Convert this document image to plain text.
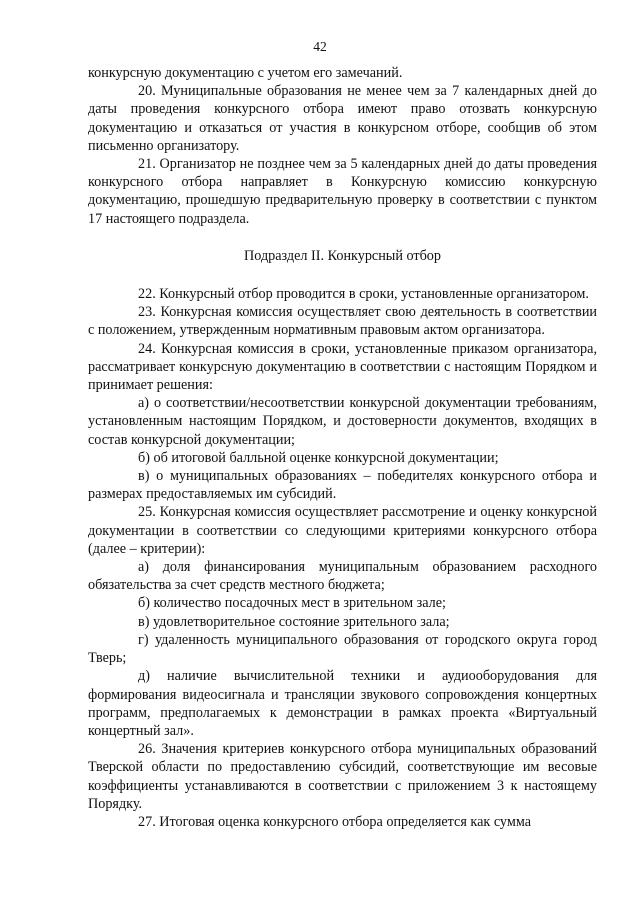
42

конкурсную документацию с учетом его замечаний.

20. Муниципальные образования не менее чем за 7 календарных дней до даты проведения конкурсного отбора имеют право отозвать конкурсную документацию и отказаться от участия в конкурсном отборе, сообщив об этом письменно организатору.

21. Организатор не позднее чем за 5 календарных дней до даты проведения конкурсного отбора направляет в Конкурсную комиссию конкурсную документацию, прошедшую предварительную проверку в соответствии с пунктом 17 настоящего подраздела.

Подраздел II. Конкурсный отбор

22. Конкурсный отбор проводится в сроки, установленные организатором.

23. Конкурсная комиссия осуществляет свою деятельность в соответствии с положением, утвержденным нормативным правовым актом организатора.

24. Конкурсная комиссия в сроки, установленные приказом организатора, рассматривает конкурсную документацию в соответствии с настоящим Порядком и принимает решения:

а) о соответствии/несоответствии конкурсной документации требованиям, установленным настоящим Порядком, и достоверности документов, входящих в состав конкурсной документации;

б) об итоговой балльной оценке конкурсной документации;

в) о муниципальных образованиях – победителях конкурсного отбора и размерах предоставляемых им субсидий.

25. Конкурсная комиссия осуществляет рассмотрение и оценку конкурсной документации в соответствии со следующими критериями конкурсного отбора (далее – критерии):

а) доля финансирования муниципальным образованием расходного обязательства за счет средств местного бюджета;

б) количество посадочных мест в зрительном зале;

в) удовлетворительное состояние зрительного зала;

г) удаленность муниципального образования от городского округа город Тверь;

д) наличие вычислительной техники и аудиооборудования для формирования видеосигнала и трансляции звукового сопровождения концертных программ, предполагаемых к демонстрации в рамках проекта «Виртуальный концертный зал».

26. Значения критериев конкурсного отбора муниципальных образований Тверской области по предоставлению субсидий, соответствующие им весовые коэффициенты устанавливаются в соответствии с приложением 3 к настоящему Порядку.

27. Итоговая оценка конкурсного отбора определяется как сумма
